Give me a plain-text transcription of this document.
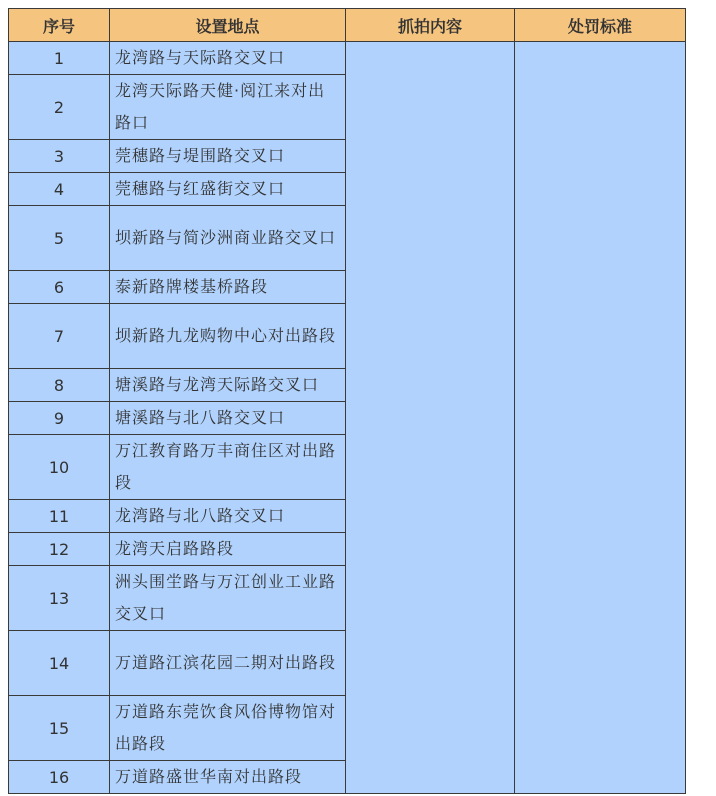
序号	设置地点	抓拍内容	处罚标准
1	龙湾路与天际路交叉口		
2	龙湾天际路天健·阅江来对出路口		
3	莞穗路与堤围路交叉口		
4	莞穗路与红盛街交叉口		
5	坝新路与简沙洲商业路交叉口		
6	泰新路牌楼基桥路段		
7	坝新路九龙购物中心对出路段		
8	塘溪路与龙湾天际路交叉口		
9	塘溪路与北八路交叉口		
10	万江教育路万丰商住区对出路段		
11	龙湾路与北八路交叉口		
12	龙湾天启路路段		
13	洲头围坣路与万江创业工业路交叉口		
14	万道路江滨花园二期对出路段		
15	万道路东莞饮食风俗博物馆对出路段		
16	万道路盛世华南对出路段		
